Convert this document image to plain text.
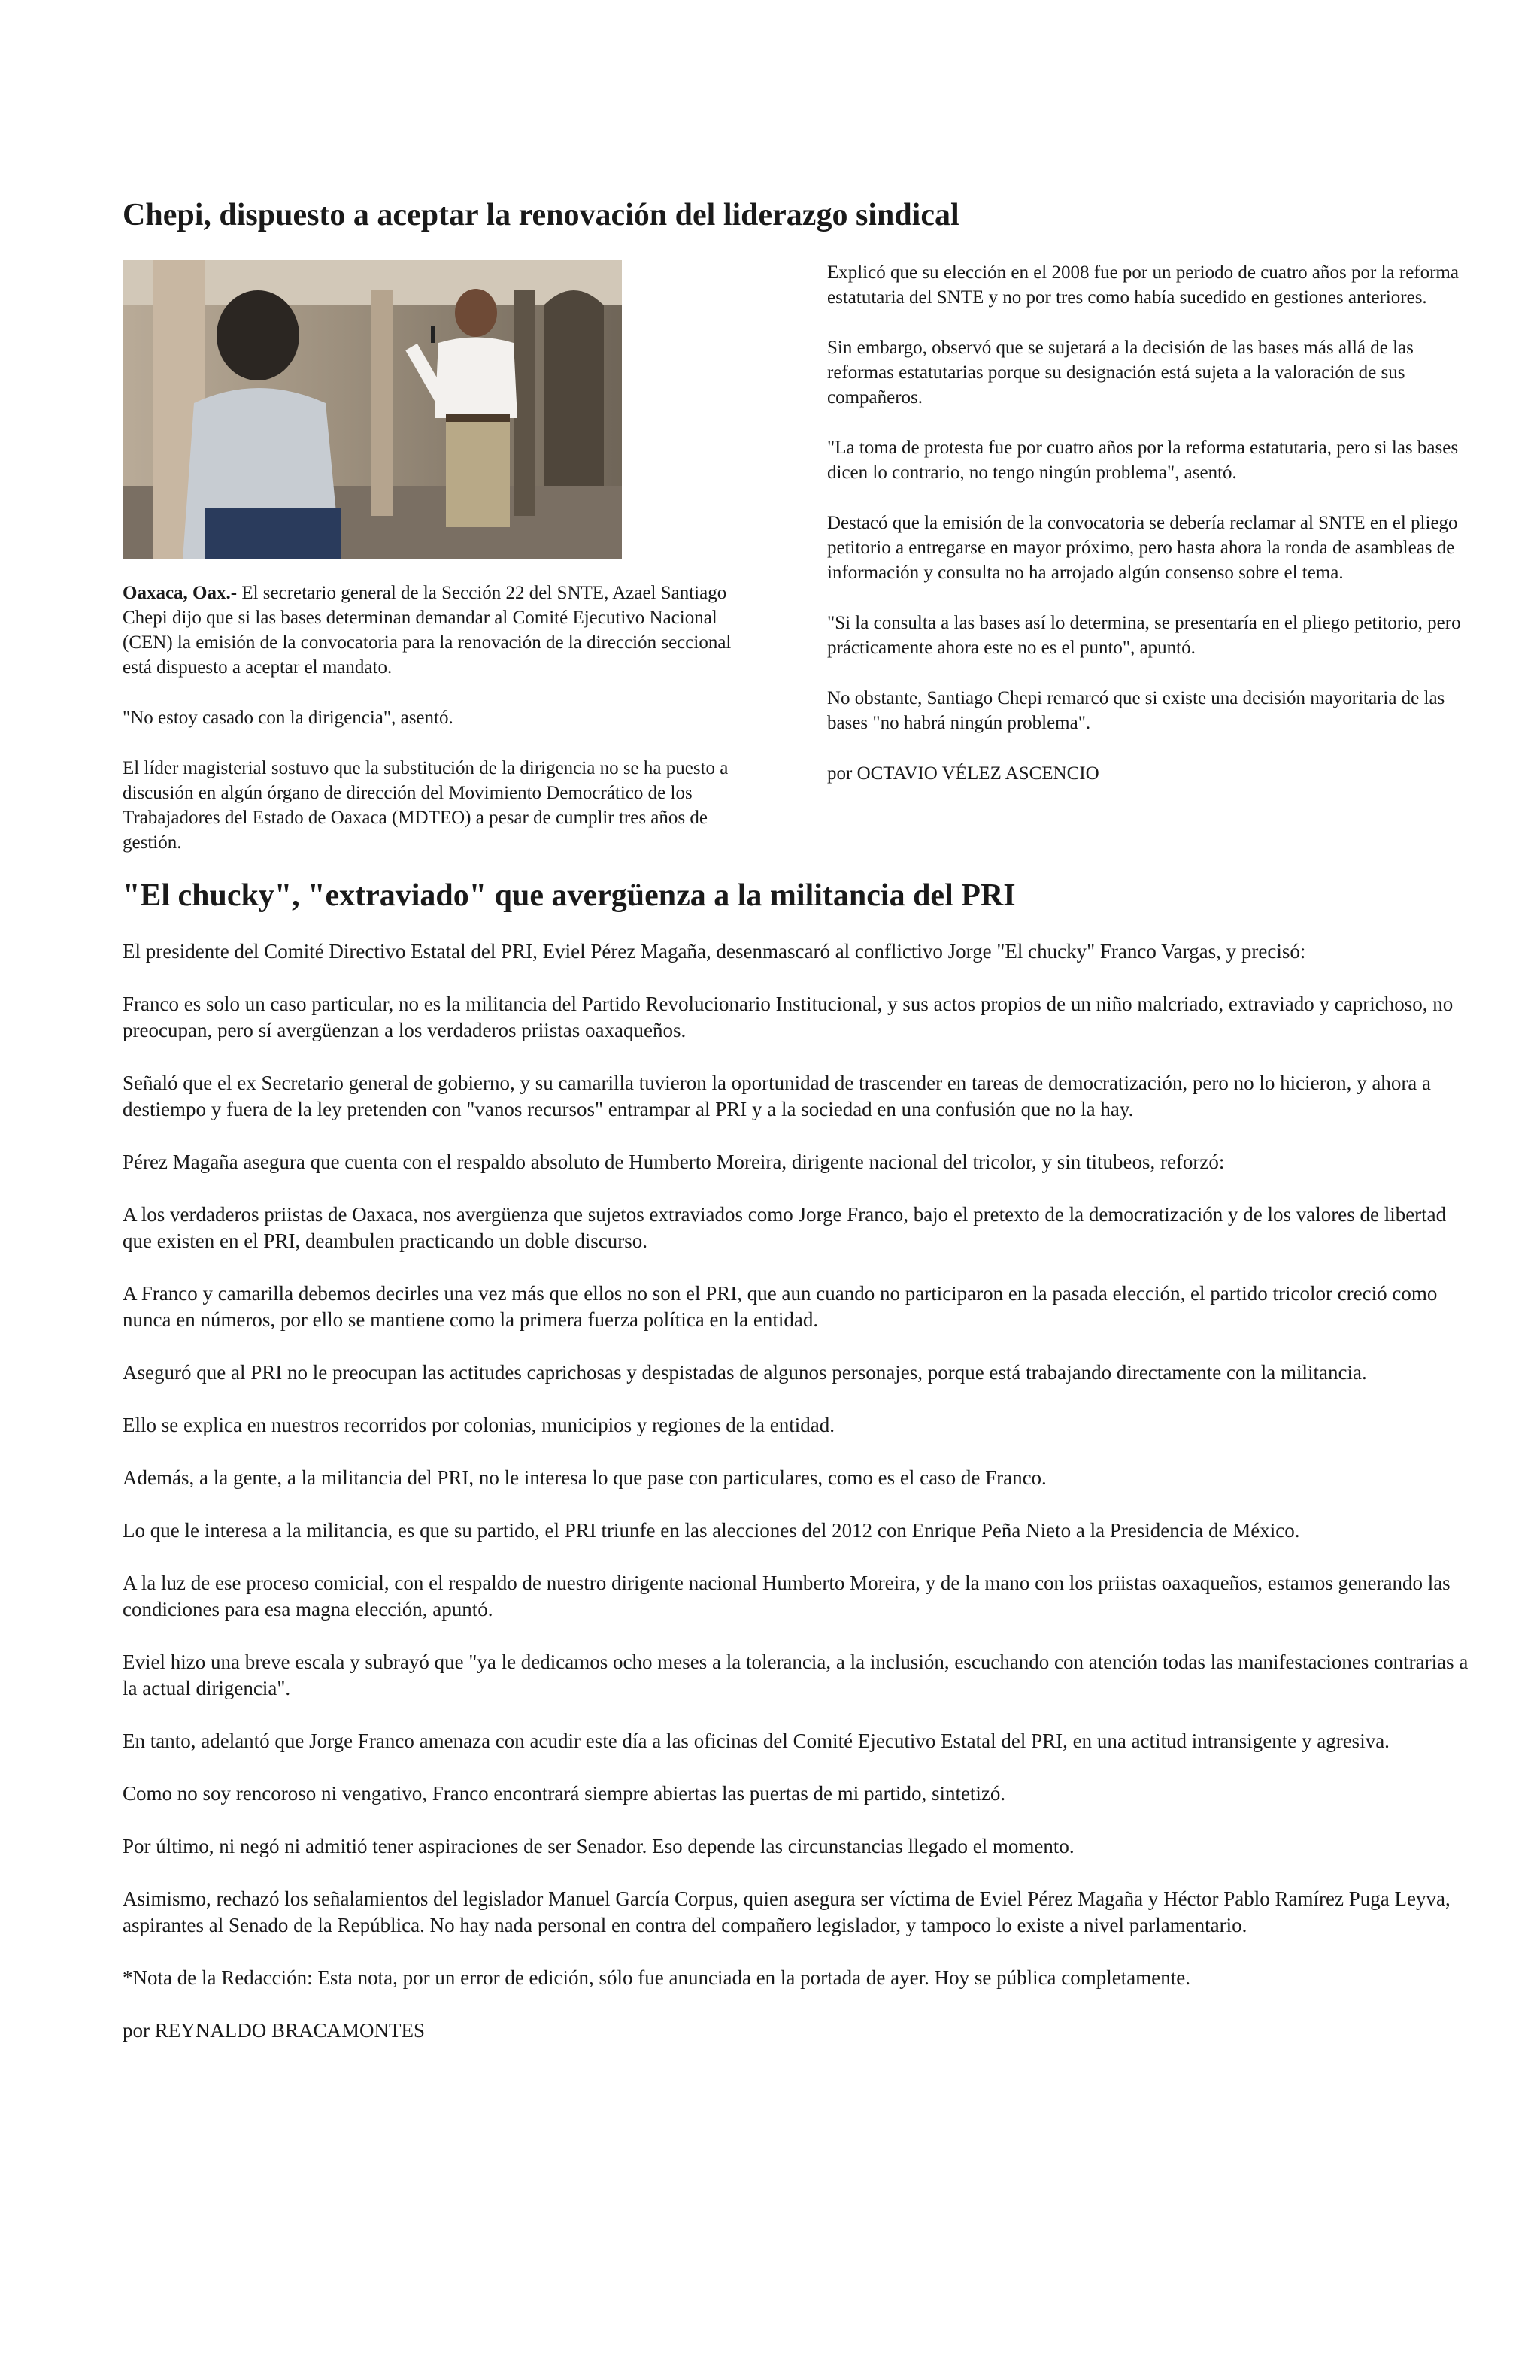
Chepi, dispuesto a aceptar la renovación del liderazgo sindical

Oaxaca, Oax.- El secretario general de la Sección 22 del SNTE, Azael Santiago Chepi dijo que si las bases determinan demandar al Comité Ejecutivo Nacional (CEN) la emisión de la convocatoria para la renovación de la dirección seccional está dispuesto a aceptar el mandato.

"No estoy casado con la dirigencia", asentó.

El líder magisterial sostuvo que la substitución de la dirigencia no se ha puesto a discusión en algún órgano de dirección del Movimiento Democrático de los Trabajadores del Estado de Oaxaca (MDTEO) a pesar de cumplir tres años de gestión.

Explicó que su elección en el 2008 fue por un periodo de cuatro años por la reforma estatutaria del SNTE y no por tres como había sucedido en gestiones anteriores.

Sin embargo, observó que se sujetará a la decisión de las bases más allá de las reformas estatutarias porque su designación está sujeta a la valoración de sus compañeros.

"La toma de protesta fue por cuatro años por la reforma estatutaria, pero si las bases dicen lo contrario, no tengo ningún problema", asentó.

Destacó que la emisión de la convocatoria se debería reclamar al SNTE en el pliego petitorio a entregarse en mayor próximo, pero hasta ahora la ronda de asambleas de información y consulta no ha arrojado algún consenso sobre el tema.

"Si la consulta a las bases así lo determina, se presentaría en el pliego petitorio, pero prácticamente ahora este no es el punto", apuntó.

No obstante, Santiago Chepi remarcó que si existe una decisión mayoritaria de las bases "no habrá ningún problema".

por OCTAVIO VÉLEZ ASCENCIO

"El chucky", "extraviado" que avergüenza a la militancia del PRI

El presidente del Comité Directivo Estatal del PRI, Eviel Pérez Magaña, desenmascaró al conflictivo Jorge "El chucky" Franco Vargas, y precisó:

Franco es solo un caso particular, no es la militancia del Partido Revolucionario Institucional, y sus actos propios de un niño malcriado, extraviado y caprichoso, no preocupan, pero sí avergüenzan a los verdaderos priistas oaxaqueños.

Señaló que el ex Secretario general de gobierno, y su camarilla tuvieron la oportunidad de trascender en tareas de democratización, pero no lo hicieron, y ahora a destiempo y fuera de la ley pretenden con "vanos recursos" entrampar al PRI y a la sociedad en una confusión que no la hay.

Pérez Magaña asegura que cuenta con el respaldo absoluto de Humberto Moreira, dirigente nacional del tricolor, y sin titubeos, reforzó:

A los verdaderos priistas de Oaxaca, nos avergüenza que sujetos extraviados como Jorge Franco, bajo el pretexto de la democratización y de los valores de libertad que existen en el PRI, deambulen practicando un doble discurso.

A Franco y camarilla debemos decirles una vez más que ellos no son el PRI, que aun cuando no participaron en la pasada elección, el partido tricolor creció como nunca en números, por ello se mantiene como la primera fuerza política en la entidad.

Aseguró que al PRI no le preocupan las actitudes caprichosas y despistadas de algunos personajes, porque está trabajando directamente con la militancia.

Ello se explica en nuestros recorridos por colonias, municipios y regiones de la entidad.

Además, a la gente, a la militancia del PRI, no le interesa lo que pase con particulares, como es el caso de Franco.

Lo que le interesa a la militancia, es que su partido, el PRI triunfe en las alecciones del 2012 con Enrique Peña Nieto a la Presidencia de México.

A la luz de ese proceso comicial, con el respaldo de nuestro dirigente nacional Humberto Moreira, y de la mano con los priistas oaxaqueños, estamos generando las condiciones para esa magna elección, apuntó.

Eviel hizo una breve escala y subrayó que "ya le dedicamos ocho meses a la tolerancia, a la inclusión, escuchando con atención todas las manifestaciones contrarias a la actual dirigencia".

En tanto, adelantó que Jorge Franco amenaza con acudir este día a las oficinas del Comité Ejecutivo Estatal del PRI, en una actitud intransigente y agresiva.

Como no soy rencoroso ni vengativo, Franco encontrará siempre abiertas las puertas de mi partido, sintetizó.

Por último, ni negó ni admitió tener aspiraciones de ser Senador. Eso depende las circunstancias llegado el momento.

Asimismo, rechazó los señalamientos del legislador Manuel García Corpus, quien asegura ser víctima de Eviel Pérez Magaña y Héctor Pablo Ramírez Puga Leyva, aspirantes al Senado de la República. No hay nada personal en contra del compañero legislador, y tampoco lo existe a nivel parlamentario.

*Nota de la Redacción: Esta nota, por un error de edición, sólo fue anunciada en la portada de ayer. Hoy se pública completamente.

por REYNALDO BRACAMONTES
